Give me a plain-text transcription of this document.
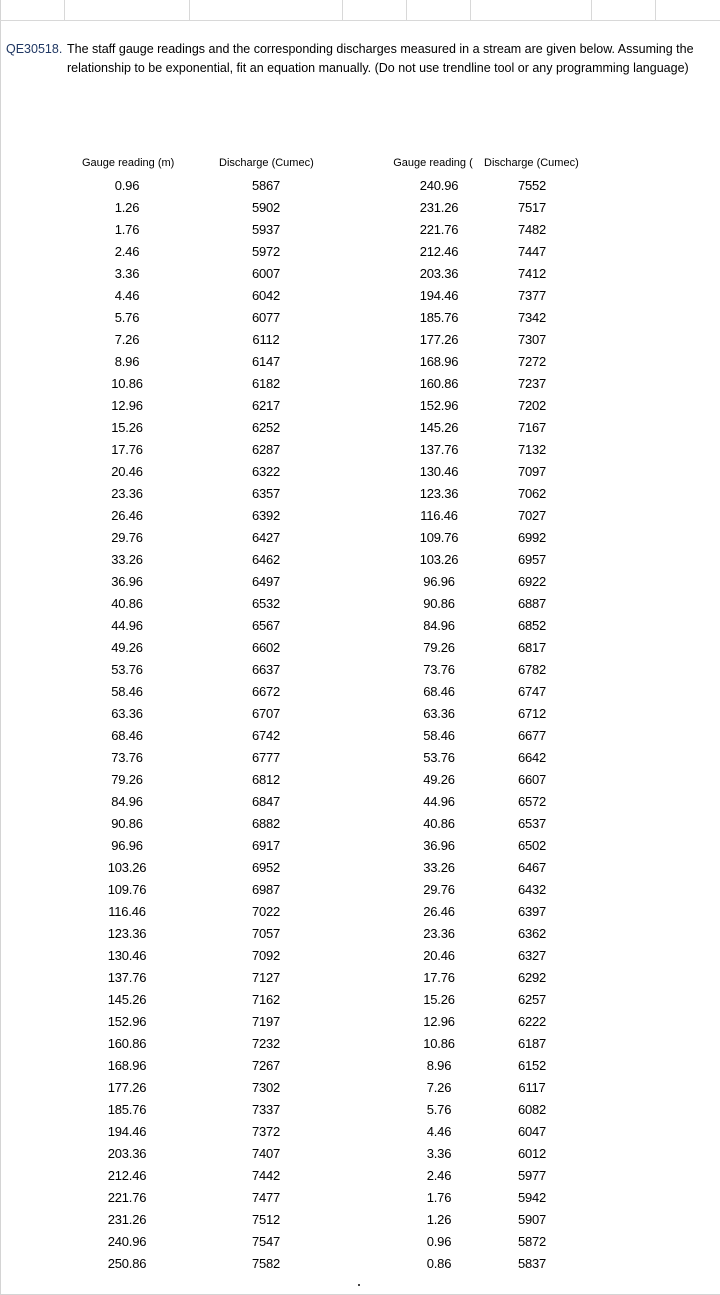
QE30518. The staff gauge readings and the corresponding discharges measured in a stream are given below. Assuming the relationship to be exponential, fit an equation manually. (Do not use trendline tool or any programming language)
Gauge reading (m)	Discharge (Cumec)	Gauge reading ( Discharge (Cumec)
0.96
1.26
1.76
2.46
3.36
4.46
5.76
7.26
8.96
10.86
12.96
15.26
17.76
20.46
23.36
26.46
29.76
33.26
36.96
40.86
44.96
49.26
53.76
58.46
63.36
68.46
73.76
79.26
84.96
90.86
96.96
103.26
109.76
116.46
123.36
130.46
137.76
145.26
152.96
160.86
168.96
177.26
185.76
194.46
203.36
212.46
221.76
231.26
240.96
250.86
5867
5902
5937
5972
6007
6042
6077
6112
6147
6182
6217
6252
6287
6322
6357
6392
6427
6462
6497
6532
6567
6602
6637
6672
6707
6742
6777
6812
6847
6882
6917
6952
6987
7022
7057
7092
7127
7162
7197
7232
7267
7302
7337
7372
7407
7442
7477
7512
7547
7582
240.96
231.26
221.76
212.46
203.36
194.46
185.76
177.26
168.96
160.86
152.96
145.26
137.76
130.46
123.36
116.46
109.76
103.26
96.96
90.86
84.96
79.26
73.76
68.46
63.36
58.46
53.76
49.26
44.96
40.86
36.96
33.26
29.76
26.46
23.36
20.46
17.76
15.26
12.96
10.86
8.96
7.26
5.76
4.46
3.36
2.46
1.76
1.26
0.96
0.86
7552
7517
7482
7447
7412
7377
7342
7307
7272
7237
7202
7167
7132
7097
7062
7027
6992
6957
6922
6887
6852
6817
6782
6747
6712
6677
6642
6607
6572
6537
6502
6467
6432
6397
6362
6327
6292
6257
6222
6187
6152
6117
6082
6047
6012
5977
5942
5907
5872
5837
